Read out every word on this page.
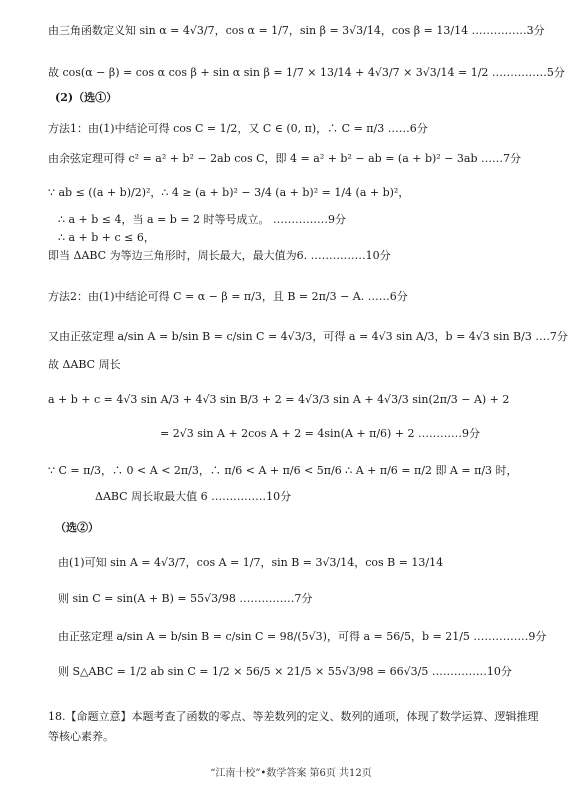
由三角函数定义知 sin α = 4√3/7，cos α = 1/7，sin β = 3√3/14，cos β = 13/14 ……………3分
故 cos(α − β) = cos α cos β + sin α sin β = 1/7 × 13/14 + 4√3/7 × 3√3/14 = 1/2 ……………5分
(2)（选①）
方法1：由(1)中结论可得 cos C = 1/2，又 C ∈ (0, π)，∴ C = π/3 ……6分
由余弦定理可得 c² = a² + b² − 2ab cos C，即 4 = a² + b² − ab = (a + b)² − 3ab ……7分
∵ ab ≤ ((a + b)/2)²，∴ 4 ≥ (a + b)² − 3/4 (a + b)² = 1/4 (a + b)²，
∴ a + b ≤ 4，当 a = b = 2 时等号成立。 ……………9分
∴ a + b + c ≤ 6，
即当 ΔABC 为等边三角形时，周长最大，最大值为6. ……………10分
方法2：由(1)中结论可得 C = α − β = π/3，且 B = 2π/3 − A. ……6分
又由正弦定理 a/sin A = b/sin B = c/sin C = 4√3/3，可得 a = 4√3 sin A/3，b = 4√3 sin B/3 ….7分
故 ΔABC 周长
a + b + c = 4√3 sin A/3 + 4√3 sin B/3 + 2 = 4√3/3 sin A + 4√3/3 sin(2π/3 − A) + 2
= 2√3 sin A + 2cos A + 2 = 4sin(A + π/6) + 2 …………9分
∵ C = π/3，∴ 0 < A < 2π/3，∴ π/6 < A + π/6 < 5π/6 ∴ A + π/6 = π/2 即 A = π/3 时，
ΔABC 周长取最大值 6 ……………10分
（选②）
由(1)可知 sin A = 4√3/7，cos A = 1/7，sin B = 3√3/14，cos B = 13/14
则 sin C = sin(A + B) = 55√3/98 ……………7分
由正弦定理 a/sin A = b/sin B = c/sin C = 98/(5√3)，可得 a = 56/5，b = 21/5 ……………9分
则 S△ABC = 1/2 ab sin C = 1/2 × 56/5 × 21/5 × 55√3/98 = 66√3/5 ……………10分
18.【命题立意】本题考查了函数的零点、等差数列的定义、数列的通项，体现了数学运算、逻辑推理
等核心素养。
“江南十校”•数学答案 第6页 共12页
